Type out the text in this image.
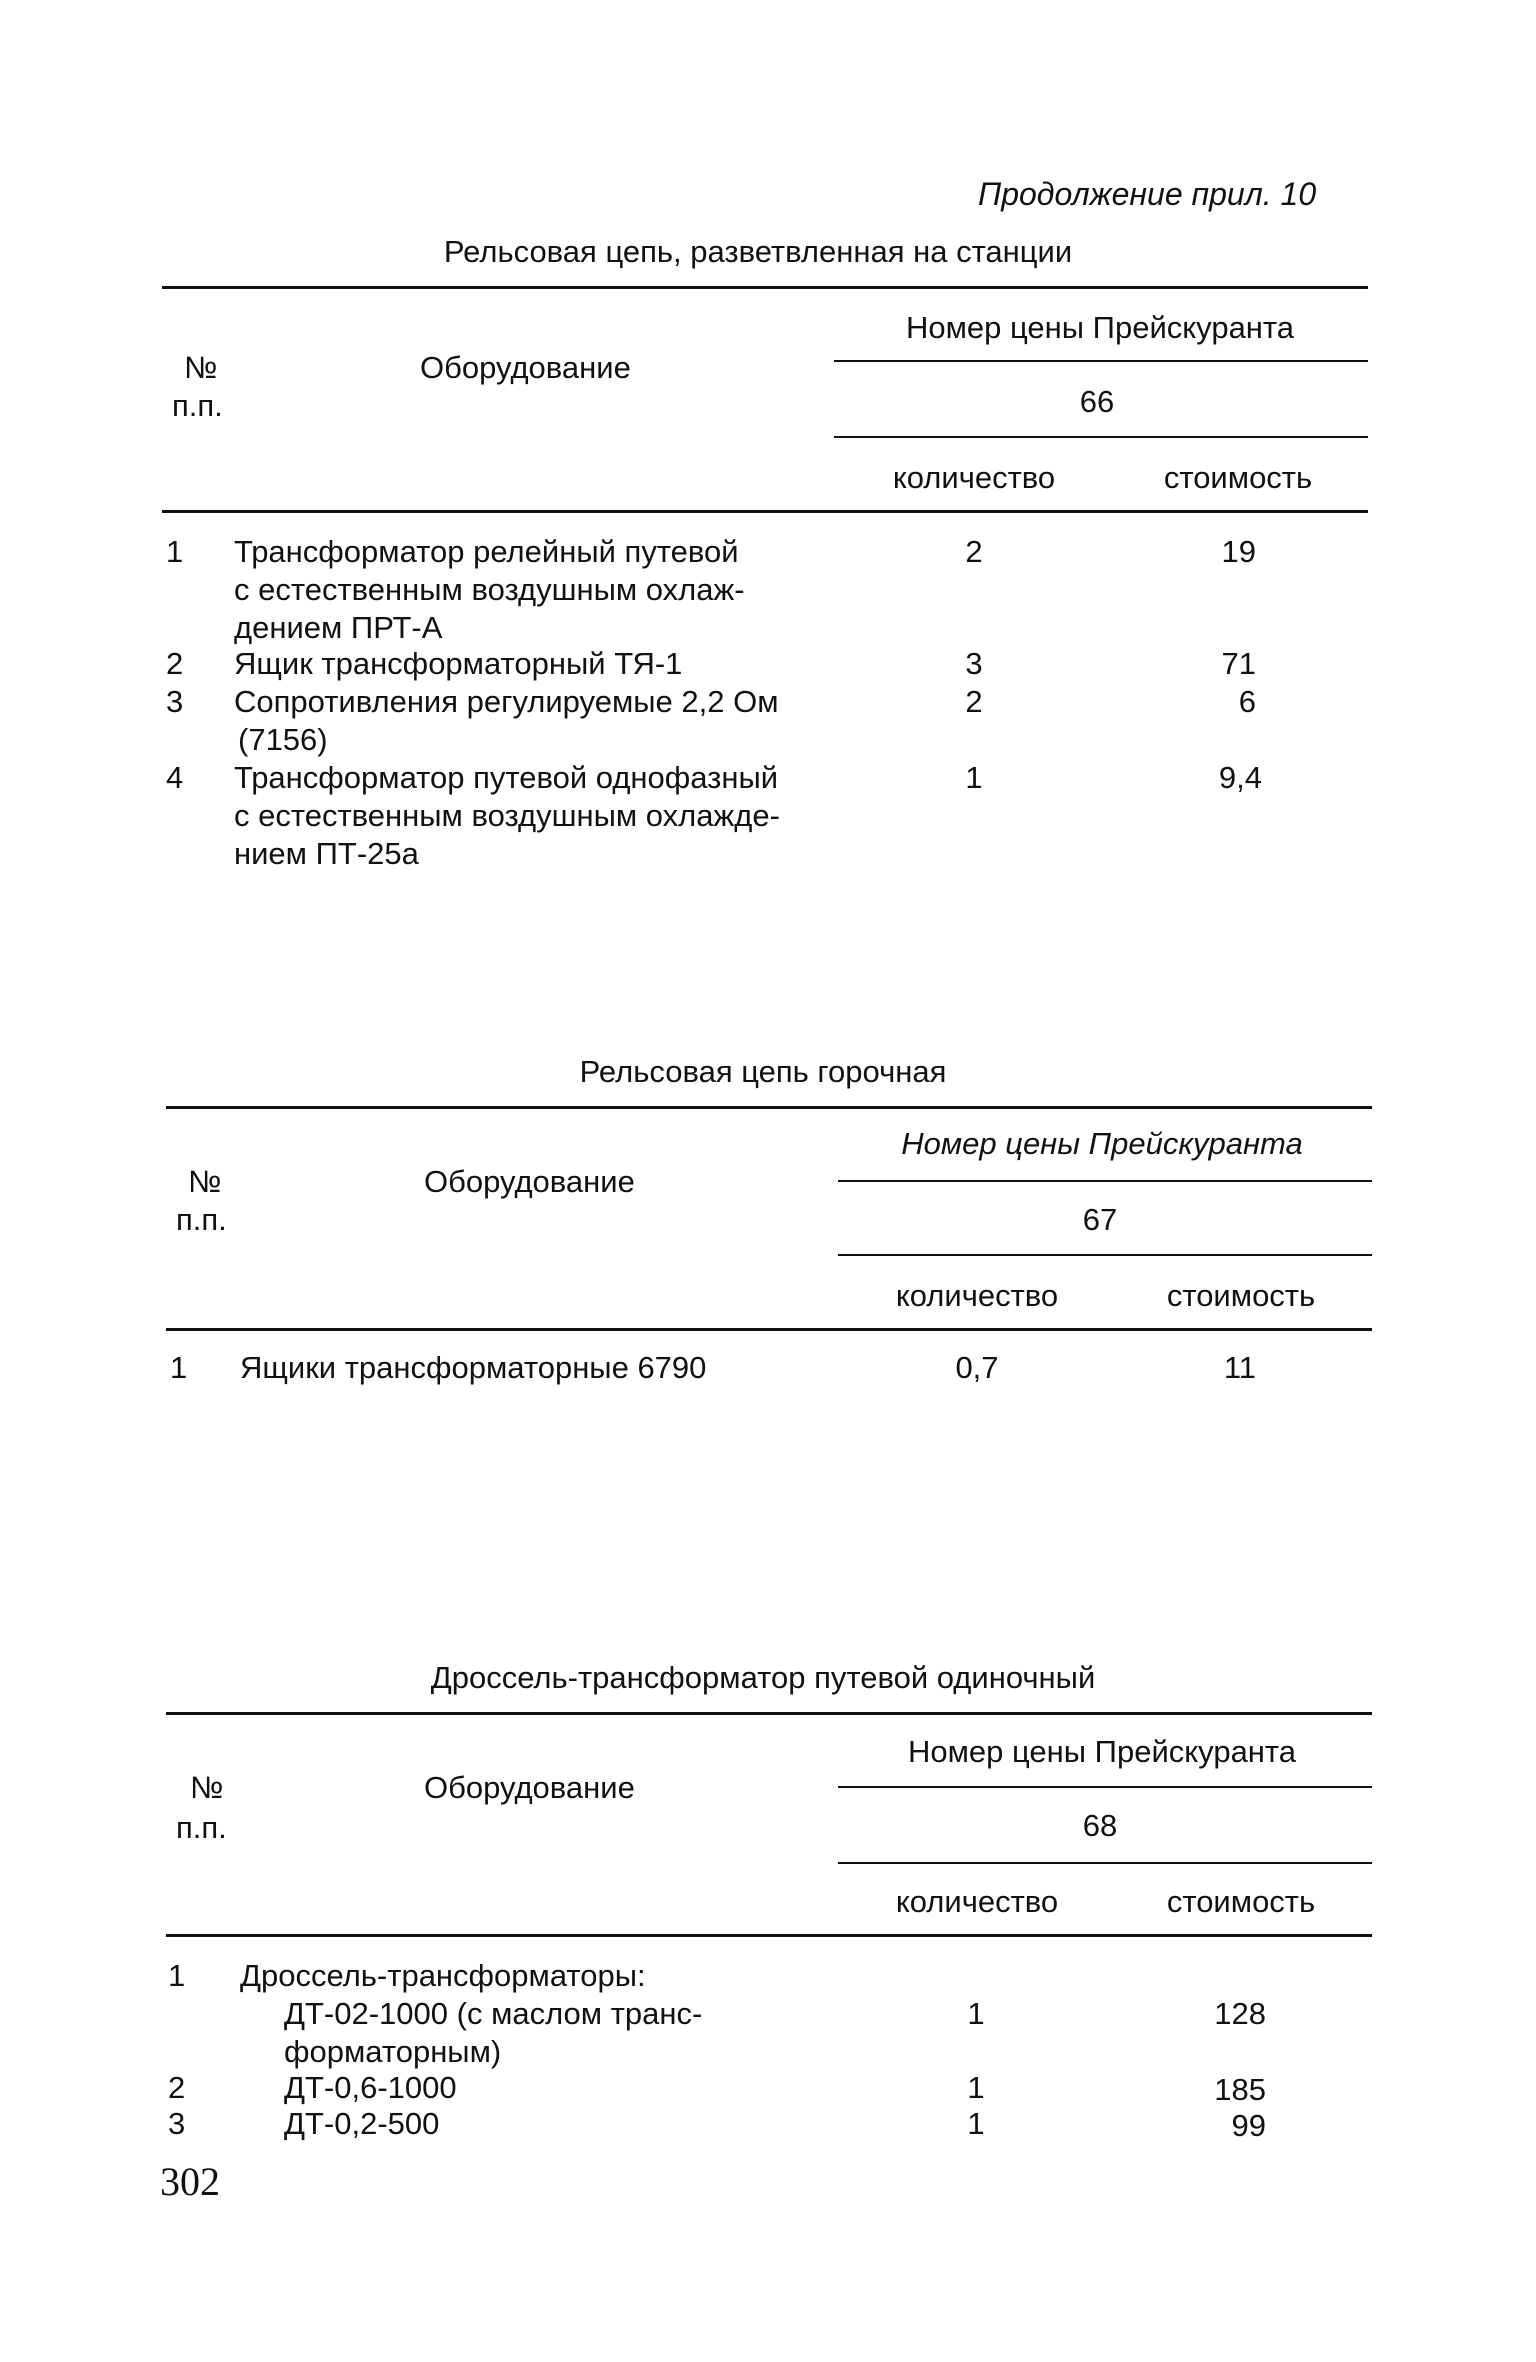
Продолжение прил. 10
Рельсовая цепь, разветвленная на станции
№
п.п.
Оборудование
Номер цены Прейскуранта
66
количество	стоимость
1 Трансформатор релейный путевой
с естественным воздушным охлаж-
дением ПРТ-А
2	19
2 Ящик трансформаторный ТЯ-1	3	71
3 Сопротивления регулируемые 2,2 Ом
(7156)
2	6
4 Трансформатор путевой однофазный
с естественным воздушным охлажде-
нием ПТ-25а
1	9,4
Рельсовая цепь горочная
№
п.п.
Оборудование
Номер цены Прейскуранта
67
количество	стоимость
1 Ящики трансформаторные 6790	0,7	11
Дроссель-трансформатор путевой одиночный
№
п.п.
Оборудование
Номер цены Прейскуранта
68
количество	стоимость
1 Дроссель-трансформаторы:
ДТ-02-1000 (с маслом транс-
форматорным)
1	128
2	ДТ-0,6-1000	1	185
3	ДТ-0,2-500	1	99
302
